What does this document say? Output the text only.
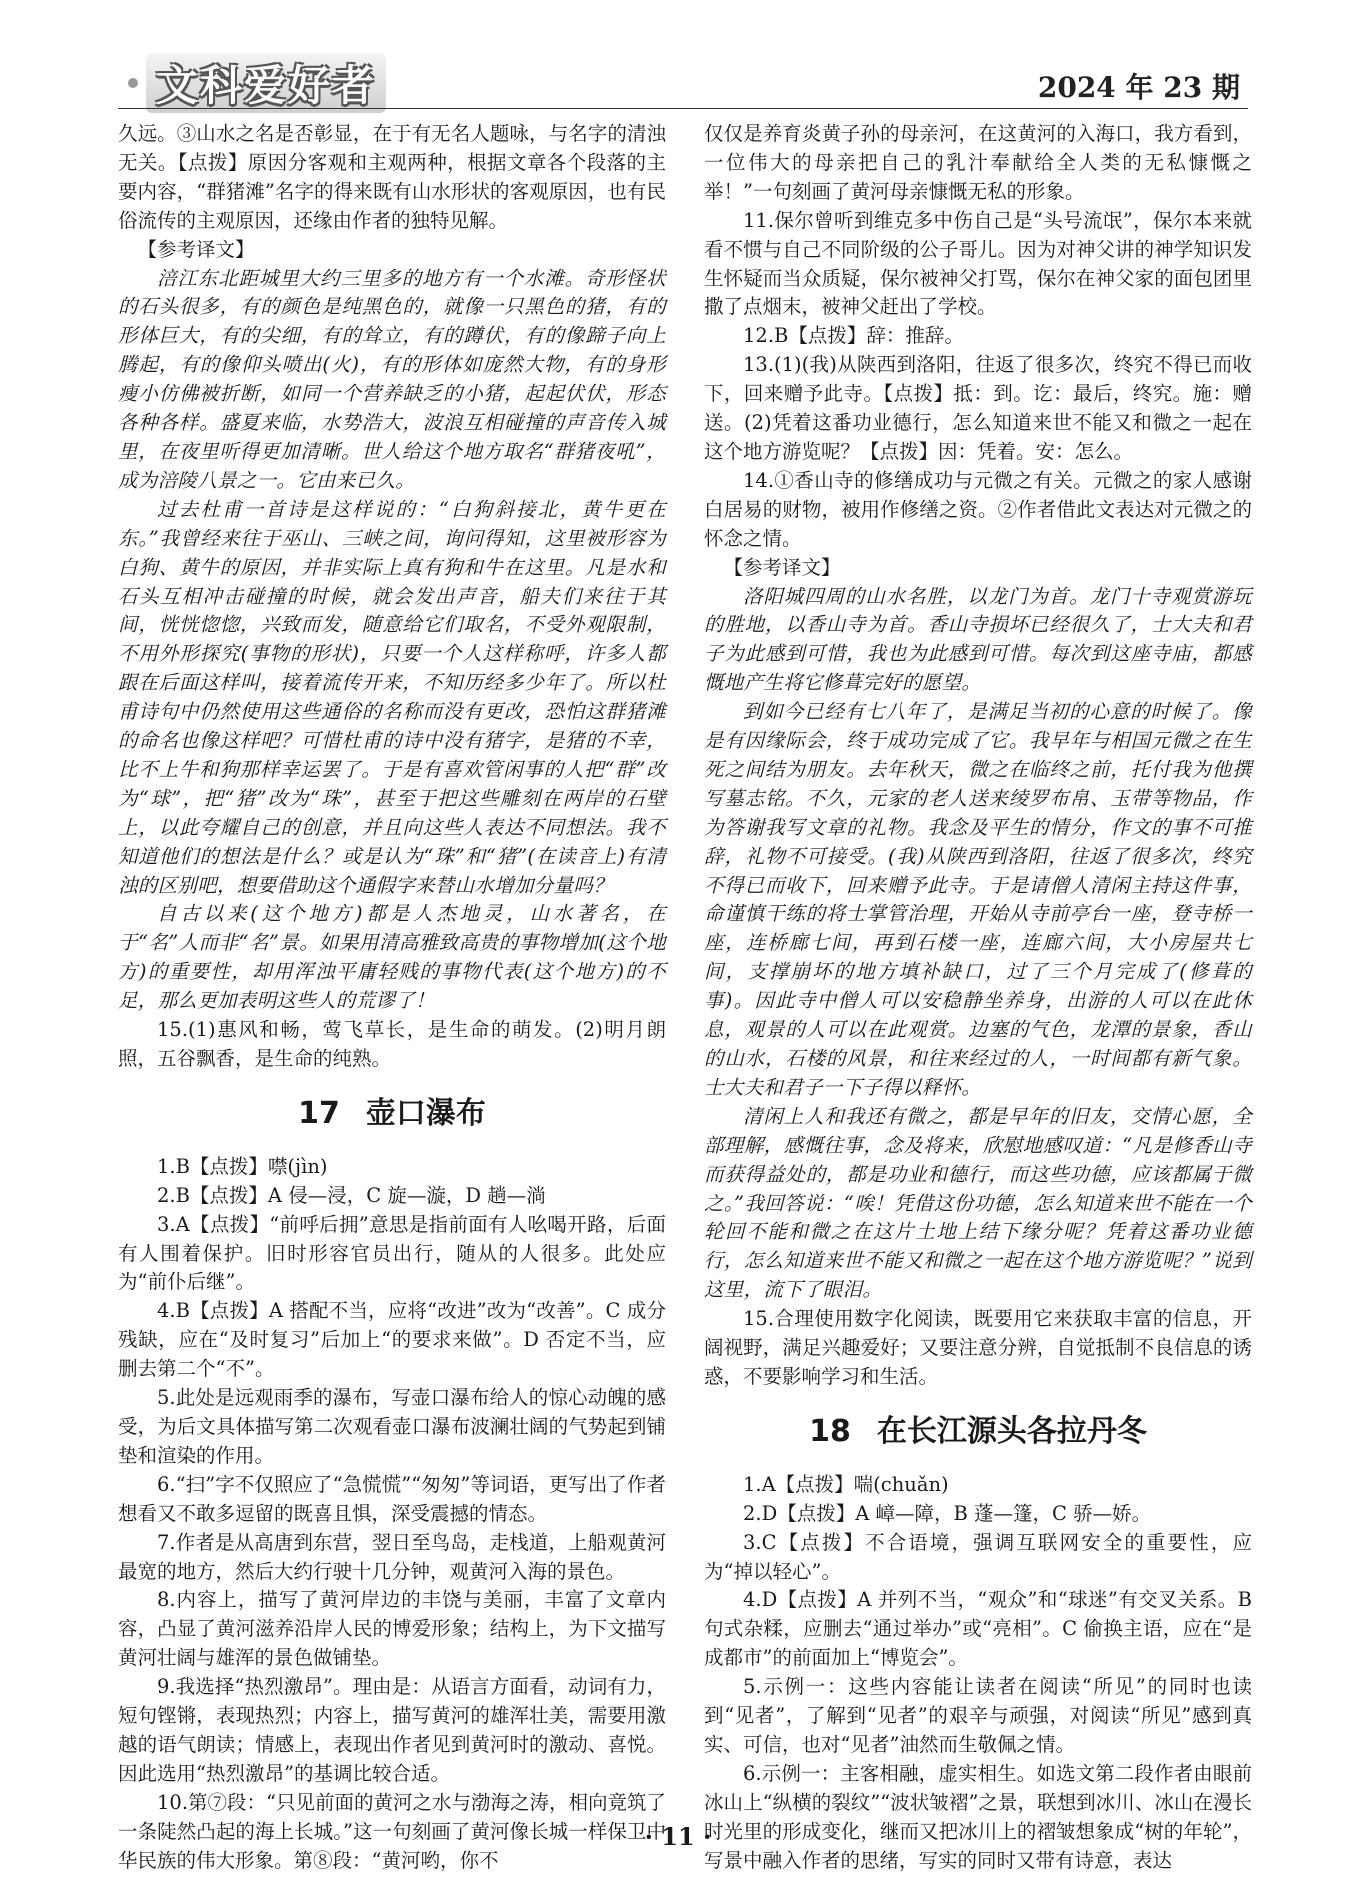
文科爱好者	2024 年 23 期

久远。③山水之名是否彰显，在于有无名人题咏，与名字的清浊无关。【点拨】原因分客观和主观两种，根据文章各个段落的主要内容，“群猪滩”名字的得来既有山水形状的客观原因，也有民俗流传的主观原因，还缘由作者的独特见解。

【参考译文】

涪江东北距城里大约三里多的地方有一个水滩。奇形怪状的石头很多，有的颜色是纯黑色的，就像一只黑色的猪，有的形体巨大，有的尖细，有的耸立，有的蹲伏，有的像蹄子向上腾起，有的像仰头喷出(火)，有的形体如庞然大物，有的身形瘦小仿佛被折断，如同一个营养缺乏的小猪，起起伏伏，形态各种各样。盛夏来临，水势浩大，波浪互相碰撞的声音传入城里，在夜里听得更加清晰。世人给这个地方取名“群猪夜吼”，成为涪陵八景之一。它由来已久。

过去杜甫一首诗是这样说的：“白狗斜接北，黄牛更在东。”我曾经来往于巫山、三峡之间，询问得知，这里被形容为白狗、黄牛的原因，并非实际上真有狗和牛在这里。凡是水和石头互相冲击碰撞的时候，就会发出声音，船夫们来往于其间，恍恍惚惚，兴致而发，随意给它们取名，不受外观限制，不用外形探究(事物的形状)，只要一个人这样称呼，许多人都跟在后面这样叫，接着流传开来，不知历经多少年了。所以杜甫诗句中仍然使用这些通俗的名称而没有更改，恐怕这群猪滩的命名也像这样吧？可惜杜甫的诗中没有猪字，是猪的不幸，比不上牛和狗那样幸运罢了。于是有喜欢管闲事的人把“群”改为“球”，把“猪”改为“珠”，甚至于把这些雕刻在两岸的石壁上，以此夸耀自己的创意，并且向这些人表达不同想法。我不知道他们的想法是什么？或是认为“珠”和“猪”(在读音上)有清浊的区别吧，想要借助这个通假字来替山水增加分量吗？

自古以来(这个地方)都是人杰地灵，山水著名，在于“名”人而非“名”景。如果用清高雅致高贵的事物增加(这个地方)的重要性，却用浑浊平庸轻贱的事物代表(这个地方)的不足，那么更加表明这些人的荒谬了！

15.(1)惠风和畅，莺飞草长，是生命的萌发。(2)明月朗照，五谷飘香，是生命的纯熟。

17 壶口瀑布

1.B【点拨】噤(jìn)

2.B【点拨】A 侵—浸，C 旋—漩，D 趟—淌

3.A【点拨】“前呼后拥”意思是指前面有人吆喝开路，后面有人围着保护。旧时形容官员出行，随从的人很多。此处应为“前仆后继”。

4.B【点拨】A 搭配不当，应将“改进”改为“改善”。C 成分残缺，应在“及时复习”后加上“的要求来做”。D 否定不当，应删去第二个“不”。

5.此处是远观雨季的瀑布，写壶口瀑布给人的惊心动魄的感受，为后文具体描写第二次观看壶口瀑布波澜壮阔的气势起到铺垫和渲染的作用。

6.“扫”字不仅照应了“急慌慌”“匆匆”等词语，更写出了作者想看又不敢多逗留的既喜且惧，深受震撼的情态。

7.作者是从高唐到东营，翌日至鸟岛，走栈道，上船观黄河最宽的地方，然后大约行驶十几分钟，观黄河入海的景色。

8.内容上，描写了黄河岸边的丰饶与美丽，丰富了文章内容，凸显了黄河滋养沿岸人民的博爱形象；结构上，为下文描写黄河壮阔与雄浑的景色做铺垫。

9.我选择“热烈激昂”。理由是：从语言方面看，动词有力，短句铿锵，表现热烈；内容上，描写黄河的雄浑壮美，需要用激越的语气朗读；情感上，表现出作者见到黄河时的激动、喜悦。因此选用“热烈激昂”的基调比较合适。

10.第⑦段：“只见前面的黄河之水与渤海之涛，相向竟筑了一条陡然凸起的海上长城。”这一句刻画了黄河像长城一样保卫中华民族的伟大形象。第⑧段：“黄河哟，你不

仅仅是养育炎黄子孙的母亲河，在这黄河的入海口，我方看到，一位伟大的母亲把自己的乳汁奉献给全人类的无私慷慨之举！”一句刻画了黄河母亲慷慨无私的形象。

11.保尔曾听到维克多中伤自己是“头号流氓”，保尔本来就看不惯与自己不同阶级的公子哥儿。因为对神父讲的神学知识发生怀疑而当众质疑，保尔被神父打骂，保尔在神父家的面包团里撒了点烟末，被神父赶出了学校。

12.B【点拨】辞：推辞。

13.(1)(我)从陕西到洛阳，往返了很多次，终究不得已而收下，回来赠予此寺。【点拨】抵：到。讫：最后，终究。施：赠送。(2)凭着这番功业德行，怎么知道来世不能又和微之一起在这个地方游览呢？【点拨】因：凭着。安：怎么。

14.①香山寺的修缮成功与元微之有关。元微之的家人感谢白居易的财物，被用作修缮之资。②作者借此文表达对元微之的怀念之情。

【参考译文】

洛阳城四周的山水名胜，以龙门为首。龙门十寺观赏游玩的胜地，以香山寺为首。香山寺损坏已经很久了，士大夫和君子为此感到可惜，我也为此感到可惜。每次到这座寺庙，都感慨地产生将它修葺完好的愿望。

到如今已经有七八年了，是满足当初的心意的时候了。像是有因缘际会，终于成功完成了它。我早年与相国元微之在生死之间结为朋友。去年秋天，微之在临终之前，托付我为他撰写墓志铭。不久，元家的老人送来绫罗布帛、玉带等物品，作为答谢我写文章的礼物。我念及平生的情分，作文的事不可推辞，礼物不可接受。(我)从陕西到洛阳，往返了很多次，终究不得已而收下，回来赠予此寺。于是请僧人清闲主持这件事，命谨慎干练的将士掌管治理，开始从寺前亭台一座，登寺桥一座，连桥廊七间，再到石楼一座，连廊六间，大小房屋共七间，支撑崩坏的地方填补缺口，过了三个月完成了(修葺的事)。因此寺中僧人可以安稳静坐养身，出游的人可以在此休息，观景的人可以在此观赏。边塞的气色，龙潭的景象，香山的山水，石楼的风景，和往来经过的人，一时间都有新气象。士大夫和君子一下子得以释怀。

清闲上人和我还有微之，都是早年的旧友，交情心愿，全部理解，感慨往事，念及将来，欣慰地感叹道：“凡是修香山寺而获得益处的，都是功业和德行，而这些功德，应该都属于微之。”我回答说：“唉！凭借这份功德，怎么知道来世不能在一个轮回不能和微之在这片土地上结下缘分呢？凭着这番功业德行，怎么知道来世不能又和微之一起在这个地方游览呢？”说到这里，流下了眼泪。

15.合理使用数字化阅读，既要用它来获取丰富的信息，开阔视野，满足兴趣爱好；又要注意分辨，自觉抵制不良信息的诱惑，不要影响学习和生活。

18 在长江源头各拉丹冬

1.A【点拨】喘(chuǎn)

2.D【点拨】A 嶂—障，B 蓬—篷，C 骄—娇。

3.C【点拨】不合语境，强调互联网安全的重要性，应为“掉以轻心”。

4.D【点拨】A 并列不当，“观众”和“球迷”有交叉关系。B 句式杂糅，应删去“通过举办”或“亮相”。C 偷换主语，应在“是成都市”的前面加上“博览会”。

5.示例一：这些内容能让读者在阅读“所见”的同时也读到“见者”，了解到“见者”的艰辛与顽强，对阅读“所见”感到真实、可信，也对“见者”油然而生敬佩之情。

6.示例一：主客相融，虚实相生。如选文第二段作者由眼前冰山上“纵横的裂纹”“波状皱褶”之景，联想到冰川、冰山在漫长时光里的形成变化，继而又把冰川上的褶皱想象成“树的年轮”，写景中融入作者的思绪，写实的同时又带有诗意，表达

· 11 ·
